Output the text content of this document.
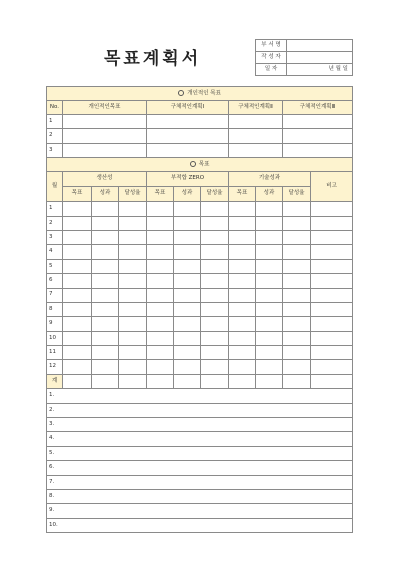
목표계획서
부 서 명	
작 성 자	
일 자	년 월 일
개인적인 목표										
No.	개인적인목표			구체적인계획Ⅰ			구체적인계획Ⅱ		구체적인계획Ⅲ	
1										
2										
3										
목표										
월	생산성			부적합 ZERO			기술성과			비고
	목표	성과	달성율	목표	성과	달성율	목표	성과	달성율	
1										
2										
3										
4										
5										
6										
7										
8										
9										
10										
11										
12										
계										
1.										
2.										
3.										
4.										
5.										
6.										
7.										
8.										
9.										
10.										
